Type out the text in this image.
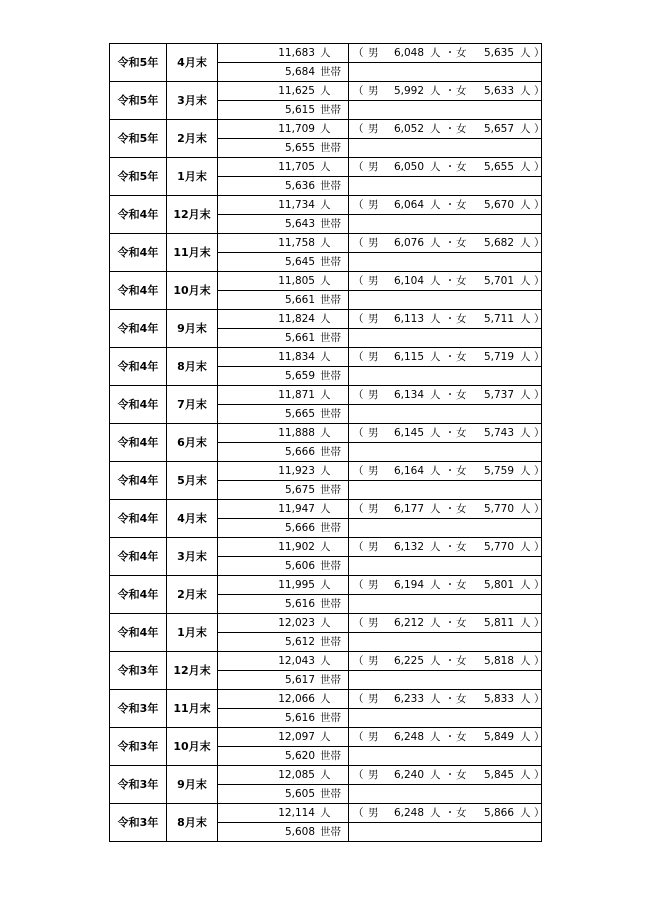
令和5年	4月末	11,683 人	（ 男 6,048 人 ・女 5,635 人 ）
		5,684 世帯	
令和5年	3月末	11,625 人	（ 男 5,992 人 ・女 5,633 人 ）
		5,615 世帯	
令和5年	2月末	11,709 人	（ 男 6,052 人 ・女 5,657 人 ）
		5,655 世帯	
令和5年	1月末	11,705 人	（ 男 6,050 人 ・女 5,655 人 ）
		5,636 世帯	
令和4年	12月末	11,734 人	（ 男 6,064 人 ・女 5,670 人 ）
		5,643 世帯	
令和4年	11月末	11,758 人	（ 男 6,076 人 ・女 5,682 人 ）
		5,645 世帯	
令和4年	10月末	11,805 人	（ 男 6,104 人 ・女 5,701 人 ）
		5,661 世帯	
令和4年	9月末	11,824 人	（ 男 6,113 人 ・女 5,711 人 ）
		5,661 世帯	
令和4年	8月末	11,834 人	（ 男 6,115 人 ・女 5,719 人 ）
		5,659 世帯	
令和4年	7月末	11,871 人	（ 男 6,134 人 ・女 5,737 人 ）
		5,665 世帯	
令和4年	6月末	11,888 人	（ 男 6,145 人 ・女 5,743 人 ）
		5,666 世帯	
令和4年	5月末	11,923 人	（ 男 6,164 人 ・女 5,759 人 ）
		5,675 世帯	
令和4年	4月末	11,947 人	（ 男 6,177 人 ・女 5,770 人 ）
		5,666 世帯	
令和4年	3月末	11,902 人	（ 男 6,132 人 ・女 5,770 人 ）
		5,606 世帯	
令和4年	2月末	11,995 人	（ 男 6,194 人 ・女 5,801 人 ）
		5,616 世帯	
令和4年	1月末	12,023 人	（ 男 6,212 人 ・女 5,811 人 ）
		5,612 世帯	
令和3年	12月末	12,043 人	（ 男 6,225 人 ・女 5,818 人 ）
		5,617 世帯	
令和3年	11月末	12,066 人	（ 男 6,233 人 ・女 5,833 人 ）
		5,616 世帯	
令和3年	10月末	12,097 人	（ 男 6,248 人 ・女 5,849 人 ）
		5,620 世帯	
令和3年	9月末	12,085 人	（ 男 6,240 人 ・女 5,845 人 ）
		5,605 世帯	
令和3年	8月末	12,114 人	（ 男 6,248 人 ・女 5,866 人 ）
		5,608 世帯	
